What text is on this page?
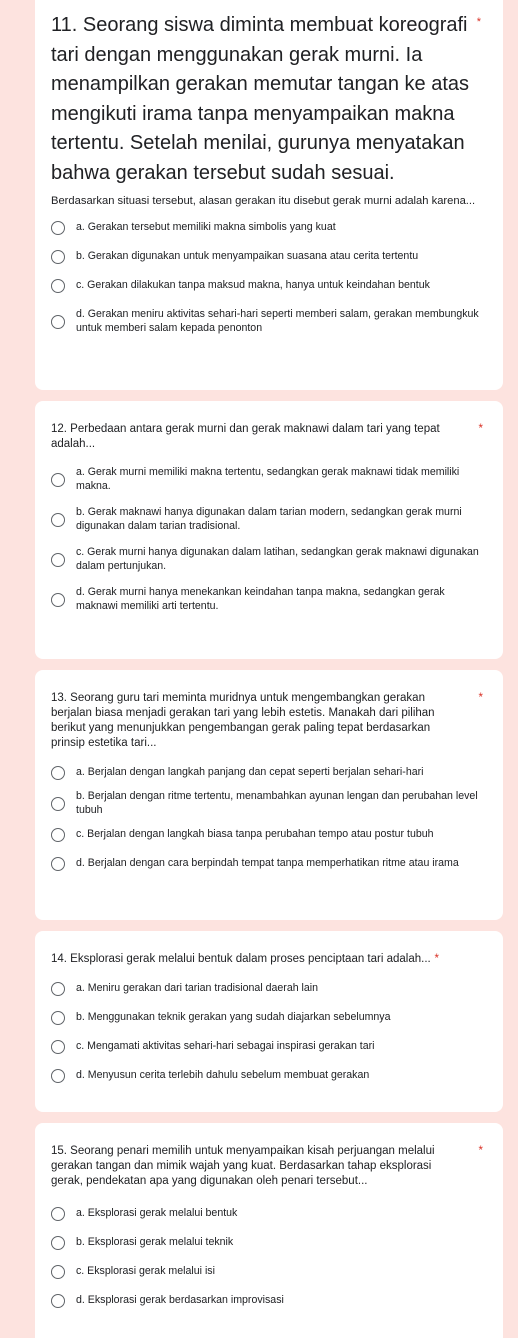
11. Seorang siswa diminta membuat koreografi tari dengan menggunakan gerak murni. Ia menampilkan gerakan memutar tangan ke atas mengikuti irama tanpa menyampaikan makna tertentu. Setelah menilai, gurunya menyatakan bahwa gerakan tersebut sudah sesuai.
*
Berdasarkan situasi tersebut, alasan gerakan itu disebut gerak murni adalah karena...
a. Gerakan tersebut memiliki makna simbolis yang kuat
b. Gerakan digunakan untuk menyampaikan suasana atau cerita tertentu
c. Gerakan dilakukan tanpa maksud makna, hanya untuk keindahan bentuk
d. Gerakan meniru aktivitas sehari-hari seperti memberi salam, gerakan membungkuk untuk memberi salam kepada penonton
12. Perbedaan antara gerak murni dan gerak maknawi dalam tari yang tepat adalah...
*
a. Gerak murni memiliki makna tertentu, sedangkan gerak maknawi tidak memiliki makna.
b. Gerak maknawi hanya digunakan dalam tarian modern, sedangkan gerak murni digunakan dalam tarian tradisional.
c. Gerak murni hanya digunakan dalam latihan, sedangkan gerak maknawi digunakan dalam pertunjukan.
d. Gerak murni hanya menekankan keindahan tanpa makna, sedangkan gerak maknawi memiliki arti tertentu.
13. Seorang guru tari meminta muridnya untuk mengembangkan gerakan berjalan biasa menjadi gerakan tari yang lebih estetis. Manakah dari pilihan berikut yang menunjukkan pengembangan gerak paling tepat berdasarkan prinsip estetika tari...
*
a. Berjalan dengan langkah panjang dan cepat seperti berjalan sehari-hari
b. Berjalan dengan ritme tertentu, menambahkan ayunan lengan dan perubahan level tubuh
c. Berjalan dengan langkah biasa tanpa perubahan tempo atau postur tubuh
d. Berjalan dengan cara berpindah tempat tanpa memperhatikan ritme atau irama
14. Eksplorasi gerak melalui bentuk dalam proses penciptaan tari adalah... *
a. Meniru gerakan dari tarian tradisional daerah lain
b. Menggunakan teknik gerakan yang sudah diajarkan sebelumnya
c. Mengamati aktivitas sehari-hari sebagai inspirasi gerakan tari
d. Menyusun cerita terlebih dahulu sebelum membuat gerakan
15. Seorang penari memilih untuk menyampaikan kisah perjuangan melalui gerakan tangan dan mimik wajah yang kuat. Berdasarkan tahap eksplorasi gerak, pendekatan apa yang digunakan oleh penari tersebut...
*
a. Eksplorasi gerak melalui bentuk
b. Eksplorasi gerak melalui teknik
c. Eksplorasi gerak melalui isi
d. Eksplorasi gerak berdasarkan improvisasi
